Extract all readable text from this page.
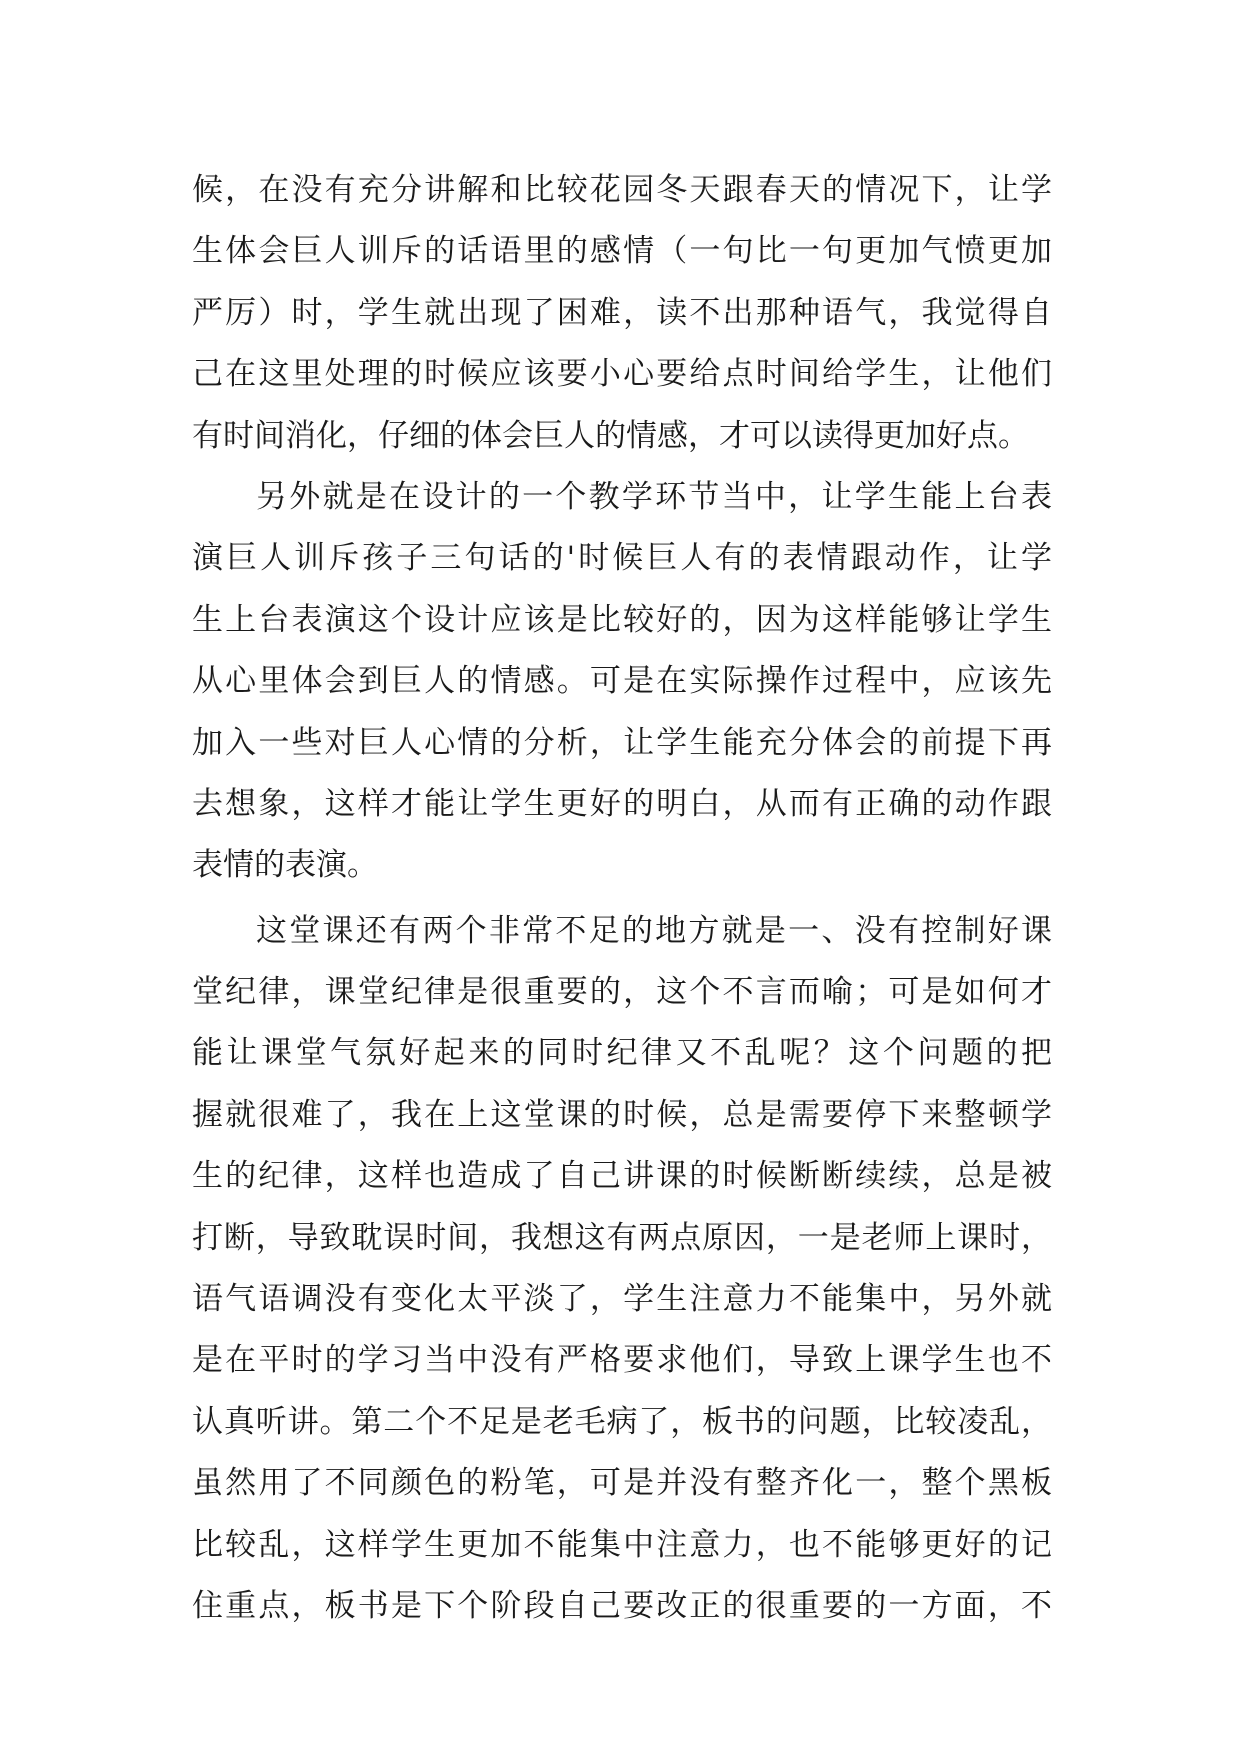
候，在没有充分讲解和比较花园冬天跟春天的情况下，让学
生体会巨人训斥的话语里的感情（一句比一句更加气愤更加
严厉）时，学生就出现了困难，读不出那种语气，我觉得自
己在这里处理的时候应该要小心要给点时间给学生，让他们
有时间消化，仔细的体会巨人的情感，才可以读得更加好点。
另外就是在设计的一个教学环节当中，让学生能上台表
演巨人训斥孩子三句话的'时候巨人有的表情跟动作，让学
生上台表演这个设计应该是比较好的，因为这样能够让学生
从心里体会到巨人的情感。可是在实际操作过程中，应该先
加入一些对巨人心情的分析，让学生能充分体会的前提下再
去想象，这样才能让学生更好的明白，从而有正确的动作跟
表情的表演。
这堂课还有两个非常不足的地方就是一、没有控制好课
堂纪律，课堂纪律是很重要的，这个不言而喻；可是如何才
能让课堂气氛好起来的同时纪律又不乱呢？这个问题的把
握就很难了，我在上这堂课的时候，总是需要停下来整顿学
生的纪律，这样也造成了自己讲课的时候断断续续，总是被
打断，导致耽误时间，我想这有两点原因，一是老师上课时，
语气语调没有变化太平淡了，学生注意力不能集中，另外就
是在平时的学习当中没有严格要求他们，导致上课学生也不
认真听讲。第二个不足是老毛病了，板书的问题，比较凌乱，
虽然用了不同颜色的粉笔，可是并没有整齐化一，整个黑板
比较乱，这样学生更加不能集中注意力，也不能够更好的记
住重点，板书是下个阶段自己要改正的很重要的一方面，不
